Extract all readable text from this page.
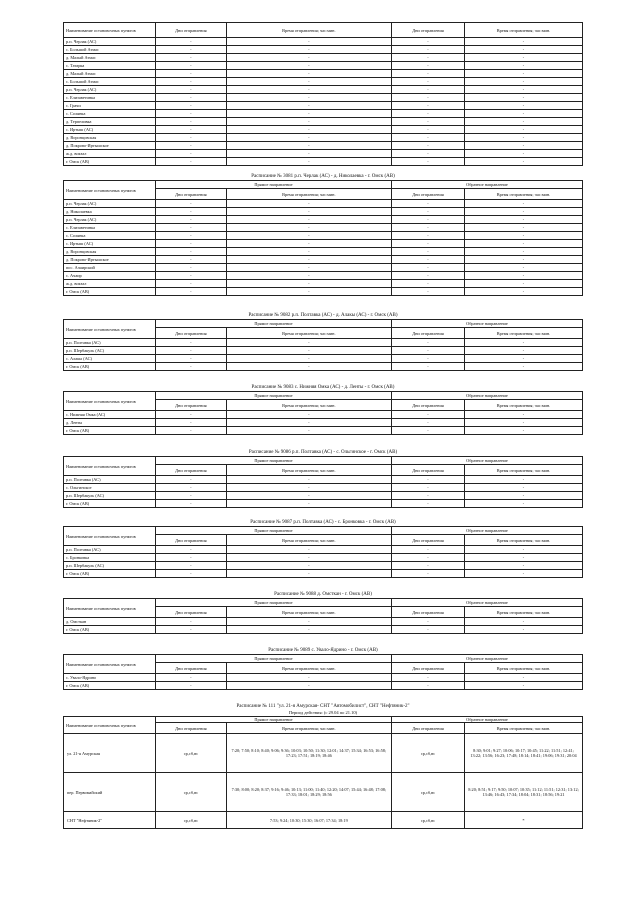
Наименование остановочных пунктов	Дни отправления	Время отправления; час:мин.	Дни отправления	Время отправления; час:мин.
р.п. Черлак (АС)	-	-	-	-
с. Большой Атмас	-	-	-	-
д. Малый Атмас	-	-	-	-
с. Татарка	-	-	-	-
д. Малый Атмас	-	-	-	-
с. Большой Атмас	-	-	-	-
р.п. Черлак (АС)	-	-	-	-
с. Елизаветинка	-	-	-	-
с. Грачи	-	-	-	-
с. Солянка	-	-	-	-
д. Терпеливка	-	-	-	-
с. Иртыш (АС)	-	-	-	-
д. Воронцовская	-	-	-	-
д. Покрово-Иртышское	-	-	-	-
ж.д. вокзал	-	-	-	-
г. Омск (АВ)	-	-	-	-
Расписание № 3081 р.п. Черлак (АС) - д. Николаевка - г. Омск (АВ)
Наименование остановочных пунктов	Прямое направление		Обратное направление	
	Дни отправления	Время отправления; час:мин.	Дни отправления	Время отправления; час:мин.
р.п. Черлак (АС)	-	-	-	-
д. Николаевка	-	-	-	-
р.п. Черлак (АС)	-	-	-	-
с. Елизаветинка	-	-	-	-
с. Солянка	-	-	-	-
с. Иртыш (АС)	-	-	-	-
д. Воронцовская	-	-	-	-
д. Покрово-Иртышское	-	-	-	-
пос. Ачаирский	-	-	-	-
с. Ачаир	-	-	-	-
ж.д. вокзал	-	-	-	-
г. Омск (АВ)	-	-	-	-
Расписание № 9082 р.п. Полтавка (АС) - д. Алакы (АС) - г. Омск (АВ)
Наименование остановочных пунктов	Прямое направление		Обратное направление	
	Дни отправления	Время отправления; час:мин.	Дни отправления	Время отправления; час:мин.
р.п. Полтавка (АС)	-	-	-	-
р.п. Шербакуль (АС)	-	-	-	-
с. Алакы (АС)	-	-	-	-
г. Омск (АВ)	-	-	-	-
Расписание № 9083 с. Нижняя Омка (АС) - д. Ленты - г. Омск (АВ)
Наименование остановочных пунктов	Прямое направление		Обратное направление	
	Дни отправления	Время отправления; час:мин.	Дни отправления	Время отправления; час:мин.
с. Нижняя Омка (АС)	-	-	-	-
д. Ленты	-	-	-	-
г. Омск (АВ)	-	-	-	-
Расписание № 9086 р.п. Полтавка (АС) - с. Ольгинское - г. Омск (АВ)
Наименование остановочных пунктов	Прямое направление		Обратное направление	
	Дни отправления	Время отправления; час:мин.	Дни отправления	Время отправления; час:мин.
р.п. Полтавка (АС)	-	-	-	-
с. Ольгинское	-	-	-	-
р.п. Шербакуль (АС)	-	-	-	-
г. Омск (АВ)	-	-	-	-
Расписание № 9087 р.п. Полтавка (АС) - с. Бронковка - г. Омск (АВ)
Наименование остановочных пунктов	Прямое направление		Обратное направление	
	Дни отправления	Время отправления; час:мин.	Дни отправления	Время отправления; час:мин.
р.п. Полтавка (АС)	-	-	-	-
с. Бронковка	-	-	-	-
р.п. Шербакуль (АС)	-	-	-	-
г. Омск (АВ)	-	-	-	-
Расписание № 9088 д. Омсткан - г. Омск (АВ)
Наименование остановочных пунктов	Прямое направление		Обратное направление	
	Дни отправления	Время отправления; час:мин.	Дни отправления	Время отправления; час:мин.
д. Омсткан	-	-	-	-
г. Омск (АВ)	-	-	-	-
Расписание № 9089 с. Увало-Ядрино - г. Омск (АВ)
Наименование остановочных пунктов	Прямое направление		Обратное направление	
	Дни отправления	Время отправления; час:мин.	Дни отправления	Время отправления; час:мин.
с. Увало-Ядрино	-	-	-	-
г. Омск (АВ)	-	-	-	-
Расписание № 111 "ул. 21-я Амурская- СНТ "Автомобилист", СНТ "Нефтяник-2"
Период действия: (с 29.04 по 21.10)
Наименование остановочных пунктов	Прямое направление		Обратное направление	
	Дни отправления	Время отправления; час:мин.	Дни отправления	Время отправления; час:мин.
ул. 21-я Амурская	ср,сб,вс	7:20; 7:50; 8:10; 8:40; 9:06; 9:36; 10:03; 10:50; 11:30; 12:01; 14:37; 15:34; 16:53; 16:58; 17:23; 17:51; 18:19; 18:46	ср,сб,вс	8:30; 9:01; 9:27; 10:06; 10:17; 10:45; 11:22; 11:51; 12:41; 13:22; 13:56; 16:23; 17:48; 18:14; 18:41; 19:06; 19:31; 20:04
пер. Первомайский	ср,сб,вс	7:30; 8:00; 8:20; 8:37; 9:16; 9:46; 10:13; 11:00; 11:40; 12:20; 14:07; 15:44; 16:48; 17:08; 17:33; 18:01; 18:29; 18:56	ср,сб,вс	8:20; 8:51; 9:17; 9:50; 10:07; 10:35; 11:12; 11:51; 12:31; 13:12; 13:46; 16:43; 17:34; 18:04; 18:31; 18:56; 19:21
СНТ "Нефтяник-2"	ср,сб,вс	7:53; 9:24; 10:30; 15:30; 16:07; 17:34; 18:19	ср,сб,вс	*
